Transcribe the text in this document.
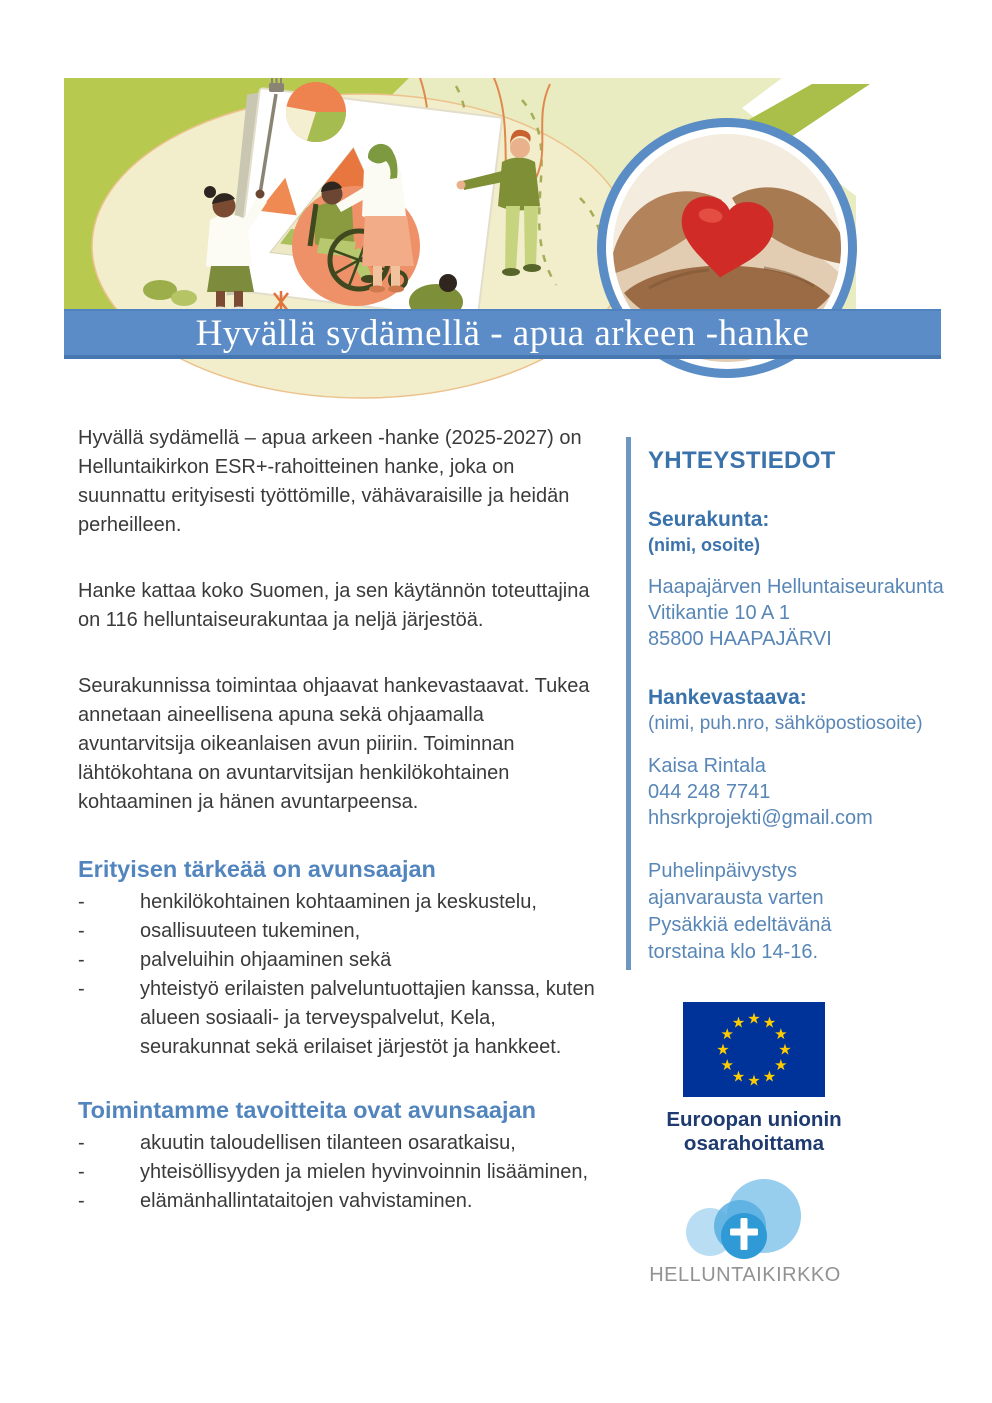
Hyvällä sydämellä - apua arkeen -hanke

Hyvällä sydämellä – apua arkeen -hanke (2025-2027) on Helluntaikirkon ESR+-rahoitteinen hanke, joka on suunnattu erityisesti työttömille, vähävaraisille ja heidän perheilleen.

Hanke kattaa koko Suomen, ja sen käytännön toteuttajina on 116 helluntaiseurakuntaa ja neljä järjestöä.

Seurakunnissa toimintaa ohjaavat hankevastaavat. Tukea annetaan aineellisena apuna sekä ohjaamalla avuntarvitsija oikeanlaisen avun piiriin. Toiminnan lähtökohtana on avuntarvitsijan henkilökohtainen kohtaaminen ja hänen avuntarpeensa.

Erityisen tärkeää on avunsaajan
-	henkilökohtainen kohtaaminen ja keskustelu,
-	osallisuuteen tukeminen,
-	palveluihin ohjaaminen sekä
-	yhteistyö erilaisten palveluntuottajien kanssa, kuten alueen sosiaali- ja terveyspalvelut, Kela, seurakunnat sekä erilaiset järjestöt ja hankkeet.
Toimintamme tavoitteita ovat avunsaajan
-	akuutin taloudellisen tilanteen osaratkaisu,
-	yhteisöllisyyden ja mielen hyvinvoinnin lisääminen,
-	elämänhallintataitojen vahvistaminen.
YHTEYSTIEDOT
Seurakunta:
(nimi, osoite)
Haapajärven Helluntaiseurakunta
Vitikantie 10 A 1
85800 HAAPAJÄRVI
Hankevastaava:
(nimi, puh.nro, sähköpostiosoite)
Kaisa Rintala
044 248 7741
hhsrkprojekti@gmail.com
Puhelinpäivystys
ajanvarausta varten
Pysäkkiä edeltävänä
torstaina klo 14-16.
★ ★
★
★
★
★
★
★
★
★
★
★
Euroopan unionin
osarahoittama
HELLUNTAIKIRKKO
